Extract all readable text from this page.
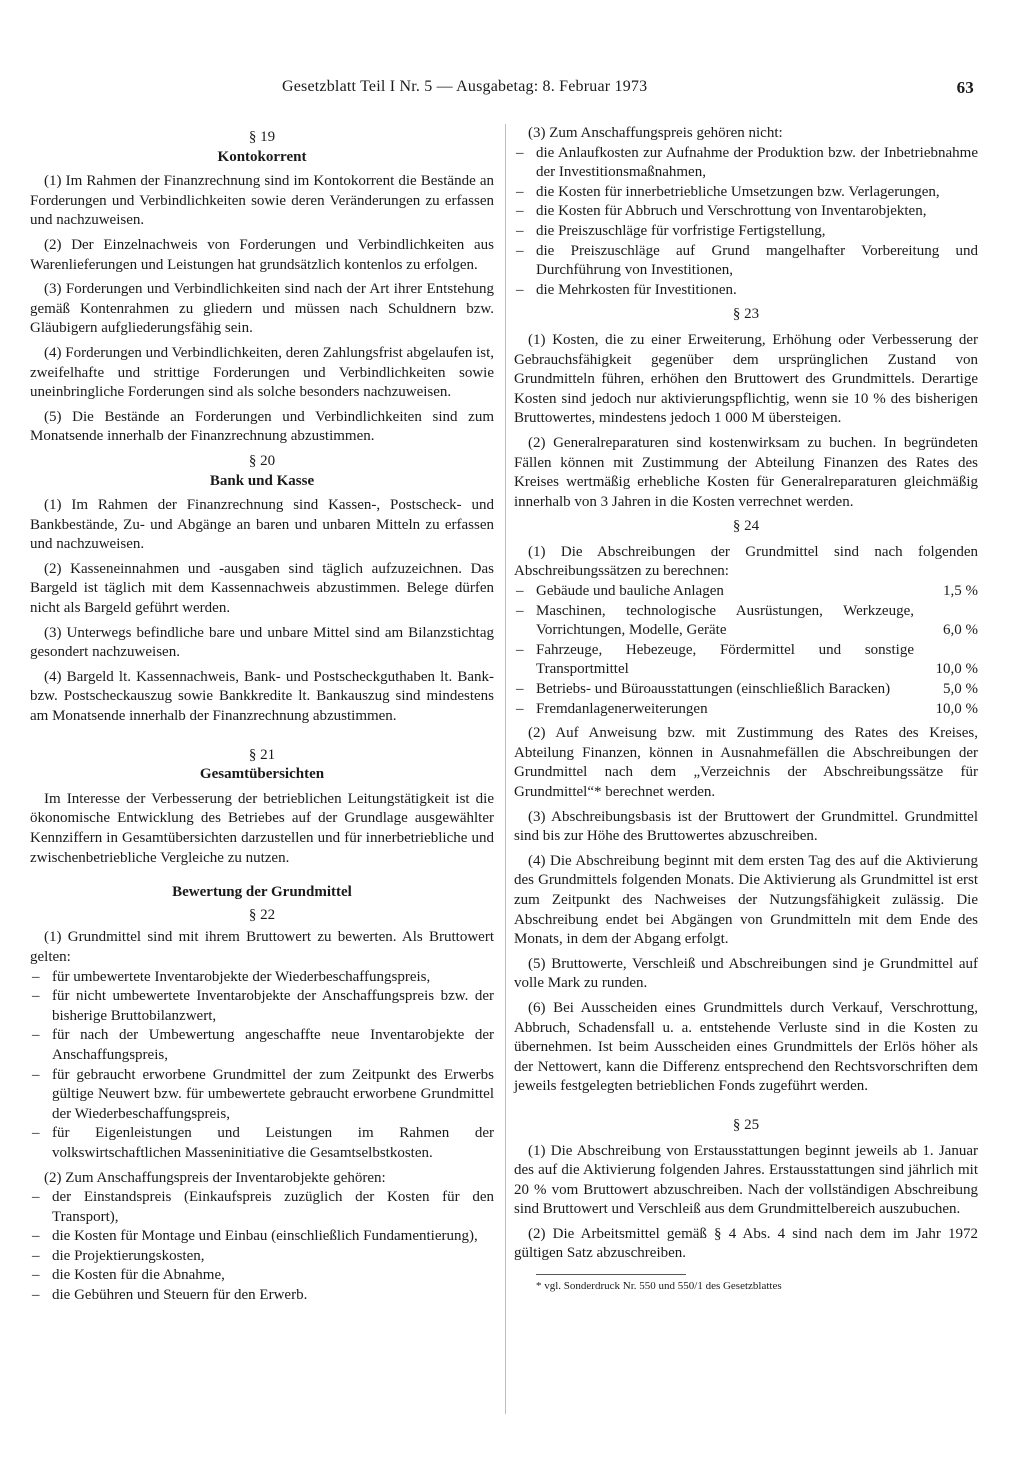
Gesetzblatt Teil I Nr. 5 — Ausgabetag: 8. Februar 1973	63
§ 19
Kontokorrent

(1) Im Rahmen der Finanzrechnung sind im Kontokorrent die Bestände an Forderungen und Verbindlichkeiten sowie deren Veränderungen zu erfassen und nachzuweisen.

(2) Der Einzelnachweis von Forderungen und Verbindlichkeiten aus Warenlieferungen und Leistungen hat grundsätzlich kontenlos zu erfolgen.

(3) Forderungen und Verbindlichkeiten sind nach der Art ihrer Entstehung gemäß Kontenrahmen zu gliedern und müssen nach Schuldnern bzw. Gläubigern aufgliederungsfähig sein.

(4) Forderungen und Verbindlichkeiten, deren Zahlungsfrist abgelaufen ist, zweifelhafte und strittige Forderungen und Verbindlichkeiten sowie uneinbringliche Forderungen sind als solche besonders nachzuweisen.

(5) Die Bestände an Forderungen und Verbindlichkeiten sind zum Monatsende innerhalb der Finanzrechnung abzustimmen.

§ 20
Bank und Kasse

(1) Im Rahmen der Finanzrechnung sind Kassen-, Postscheck- und Bankbestände, Zu- und Abgänge an baren und unbaren Mitteln zu erfassen und nachzuweisen.

(2) Kasseneinnahmen und -ausgaben sind täglich aufzuzeichnen. Das Bargeld ist täglich mit dem Kassennachweis abzustimmen. Belege dürfen nicht als Bargeld geführt werden.

(3) Unterwegs befindliche bare und unbare Mittel sind am Bilanzstichtag gesondert nachzuweisen.

(4) Bargeld lt. Kassennachweis, Bank- und Postscheckguthaben lt. Bank- bzw. Postscheckauszug sowie Bankkredite lt. Bankauszug sind mindestens am Monatsende innerhalb der Finanzrechnung abzustimmen.

§ 21
Gesamtübersichten

Im Interesse der Verbesserung der betrieblichen Leitungstätigkeit ist die ökonomische Entwicklung des Betriebes auf der Grundlage ausgewählter Kennziffern in Gesamtübersichten darzustellen und für innerbetriebliche und zwischenbetriebliche Vergleiche zu nutzen.

Bewertung der Grundmittel
§ 22

(1) Grundmittel sind mit ihrem Bruttowert zu bewerten. Als Bruttowert gelten:

– für umbewertete Inventarobjekte der Wiederbeschaffungspreis,
– für nicht umbewertete Inventarobjekte der Anschaffungspreis bzw. der bisherige Bruttobilanzwert,
– für nach der Umbewertung angeschaffte neue Inventarobjekte der Anschaffungspreis,
– für gebraucht erworbene Grundmittel der zum Zeitpunkt des Erwerbs gültige Neuwert bzw. für umbewertete gebraucht erworbene Grundmittel der Wiederbeschaffungspreis,
– für Eigenleistungen und Leistungen im Rahmen der volkswirtschaftlichen Masseninitiative die Gesamtselbstkosten.

(2) Zum Anschaffungspreis der Inventarobjekte gehören:

– der Einstandspreis (Einkaufspreis zuzüglich der Kosten für den Transport),
– die Kosten für Montage und Einbau (einschließlich Fundamentierung),
– die Projektierungskosten,
– die Kosten für die Abnahme,
– die Gebühren und Steuern für den Erwerb.

(3) Zum Anschaffungspreis gehören nicht:

– die Anlaufkosten zur Aufnahme der Produktion bzw. der Inbetriebnahme der Investitionsmaßnahmen,
– die Kosten für innerbetriebliche Umsetzungen bzw. Verlagerungen,
– die Kosten für Abbruch und Verschrottung von Inventarobjekten,
– die Preiszuschläge für vorfristige Fertigstellung,
– die Preiszuschläge auf Grund mangelhafter Vorbereitung und Durchführung von Investitionen,
– die Mehrkosten für Investitionen.
§ 23

(1) Kosten, die zu einer Erweiterung, Erhöhung oder Verbesserung der Gebrauchsfähigkeit gegenüber dem ursprünglichen Zustand von Grundmitteln führen, erhöhen den Bruttowert des Grundmittels. Derartige Kosten sind jedoch nur aktivierungspflichtig, wenn sie 10 % des bisherigen Bruttowertes, mindestens jedoch 1 000 M übersteigen.

(2) Generalreparaturen sind kostenwirksam zu buchen. In begründeten Fällen können mit Zustimmung der Abteilung Finanzen des Rates des Kreises wertmäßig erhebliche Kosten für Generalreparaturen gleichmäßig innerhalb von 3 Jahren in die Kosten verrechnet werden.

§ 24

(1) Die Abschreibungen der Grundmittel sind nach folgenden Abschreibungssätzen zu berechnen:

– Gebäude und bauliche Anlagen	1,5 %
– Maschinen, technologische Ausrüstungen, Werkzeuge, Vorrichtungen, Modelle, Geräte	6,0 %
– Fahrzeuge, Hebezeuge, Fördermittel und sonstige Transportmittel	10,0 %
– Betriebs- und Büroausstattungen (einschließlich Baracken)	5,0 %
– Fremdanlagenerweiterungen	10,0 %

(2) Auf Anweisung bzw. mit Zustimmung des Rates des Kreises, Abteilung Finanzen, können in Ausnahmefällen die Abschreibungen der Grundmittel nach dem „Verzeichnis der Abschreibungssätze für Grundmittel“* berechnet werden.

(3) Abschreibungsbasis ist der Bruttowert der Grundmittel. Grundmittel sind bis zur Höhe des Bruttowertes abzuschreiben.

(4) Die Abschreibung beginnt mit dem ersten Tag des auf die Aktivierung des Grundmittels folgenden Monats. Die Aktivierung als Grundmittel ist erst zum Zeitpunkt des Nachweises der Nutzungsfähigkeit zulässig. Die Abschreibung endet bei Abgängen von Grundmitteln mit dem Ende des Monats, in dem der Abgang erfolgt.

(5) Bruttowerte, Verschleiß und Abschreibungen sind je Grundmittel auf volle Mark zu runden.

(6) Bei Ausscheiden eines Grundmittels durch Verkauf, Verschrottung, Abbruch, Schadensfall u. a. entstehende Verluste sind in die Kosten zu übernehmen. Ist beim Ausscheiden eines Grundmittels der Erlös höher als der Nettowert, kann die Differenz entsprechend den Rechtsvorschriften dem jeweils festgelegten betrieblichen Fonds zugeführt werden.

§ 25

(1) Die Abschreibung von Erstausstattungen beginnt jeweils ab 1. Januar des auf die Aktivierung folgenden Jahres. Erstausstattungen sind jährlich mit 20 % vom Bruttowert abzuschreiben. Nach der vollständigen Abschreibung sind Bruttowert und Verschleiß aus dem Grundmittelbereich auszubuchen.

(2) Die Arbeitsmittel gemäß § 4 Abs. 4 sind nach dem im Jahr 1972 gültigen Satz abzuschreiben.

* vgl. Sonderdruck Nr. 550 und 550/1 des Gesetzblattes
